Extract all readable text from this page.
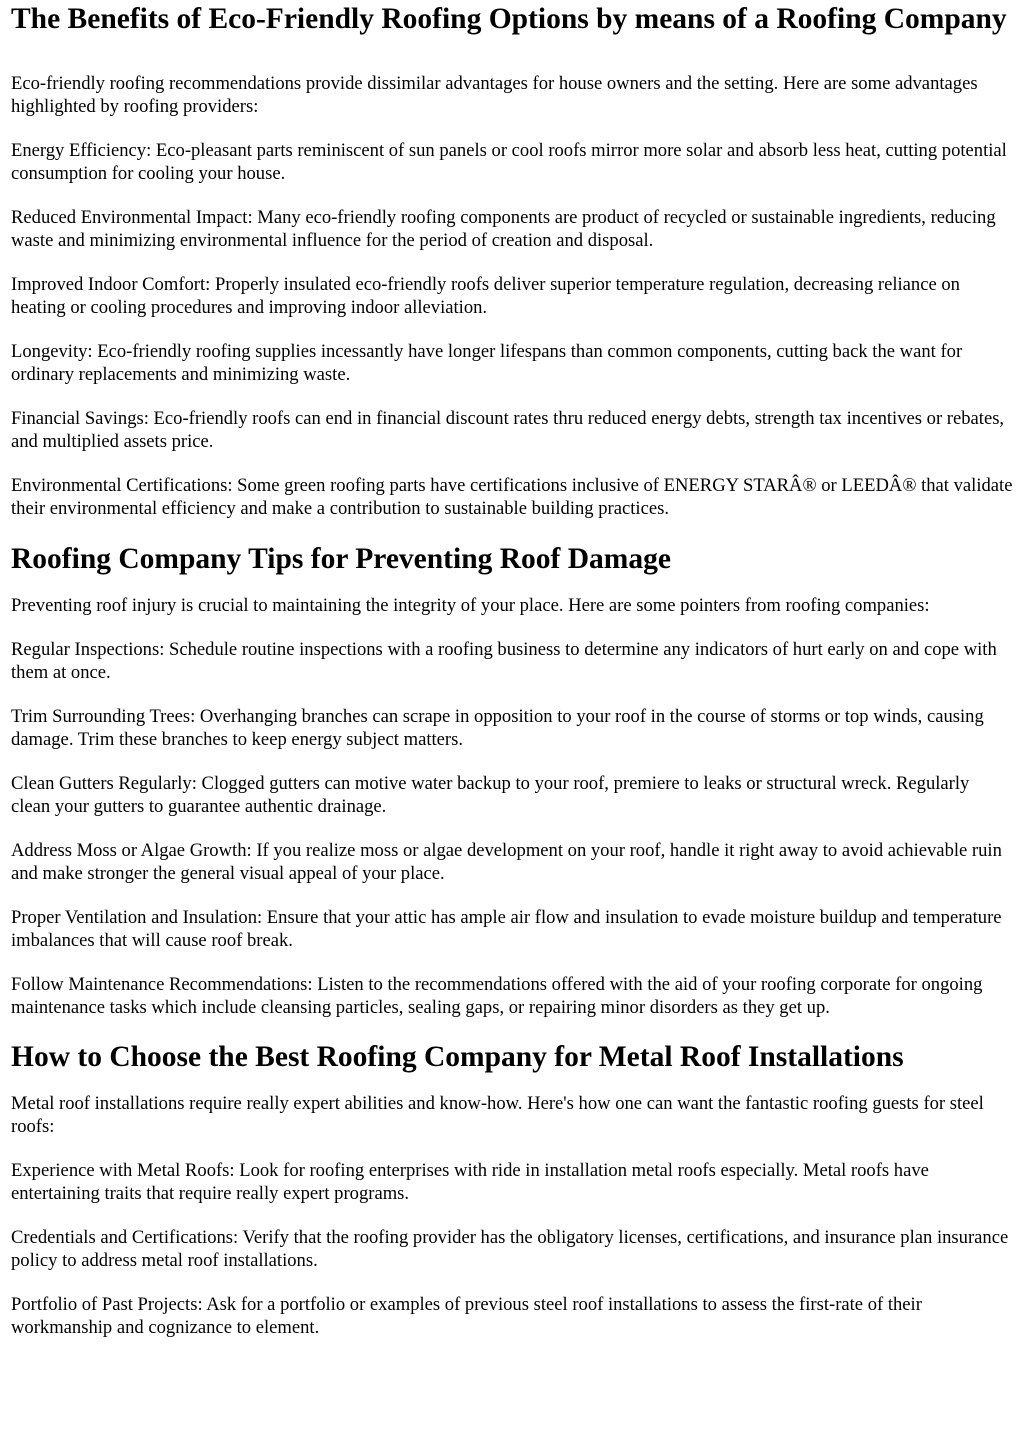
The Benefits of Eco-Friendly Roofing Options by means of a Roofing Company

Eco-friendly roofing recommendations provide dissimilar advantages for house owners and the setting. Here are some advantages highlighted by roofing providers:

Energy Efficiency: Eco-pleasant parts reminiscent of sun panels or cool roofs mirror more solar and absorb less heat, cutting potential consumption for cooling your house.

Reduced Environmental Impact: Many eco-friendly roofing components are product of recycled or sustainable ingredients, reducing waste and minimizing environmental influence for the period of creation and disposal.

Improved Indoor Comfort: Properly insulated eco-friendly roofs deliver superior temperature regulation, decreasing reliance on heating or cooling procedures and improving indoor alleviation.

Longevity: Eco-friendly roofing supplies incessantly have longer lifespans than common components, cutting back the want for ordinary replacements and minimizing waste.

Financial Savings: Eco-friendly roofs can end in financial discount rates thru reduced energy debts, strength tax incentives or rebates, and multiplied assets price.

Environmental Certifications: Some green roofing parts have certifications inclusive of ENERGY STARÂ® or LEEDÂ® that validate their environmental efficiency and make a contribution to sustainable building practices.

Roofing Company Tips for Preventing Roof Damage

Preventing roof injury is crucial to maintaining the integrity of your place. Here are some pointers from roofing companies:

Regular Inspections: Schedule routine inspections with a roofing business to determine any indicators of hurt early on and cope with them at once.

Trim Surrounding Trees: Overhanging branches can scrape in opposition to your roof in the course of storms or top winds, causing damage. Trim these branches to keep energy subject matters.

Clean Gutters Regularly: Clogged gutters can motive water backup to your roof, premiere to leaks or structural wreck. Regularly clean your gutters to guarantee authentic drainage.

Address Moss or Algae Growth: If you realize moss or algae development on your roof, handle it right away to avoid achievable ruin and make stronger the general visual appeal of your place.

Proper Ventilation and Insulation: Ensure that your attic has ample air flow and insulation to evade moisture buildup and temperature imbalances that will cause roof break.

Follow Maintenance Recommendations: Listen to the recommendations offered with the aid of your roofing corporate for ongoing maintenance tasks which include cleansing particles, sealing gaps, or repairing minor disorders as they get up.

How to Choose the Best Roofing Company for Metal Roof Installations

Metal roof installations require really expert abilities and know-how. Here's how one can want the fantastic roofing guests for steel roofs:

Experience with Metal Roofs: Look for roofing enterprises with ride in installation metal roofs especially. Metal roofs have entertaining traits that require really expert programs.

Credentials and Certifications: Verify that the roofing provider has the obligatory licenses, certifications, and insurance plan insurance policy to address metal roof installations.

Portfolio of Past Projects: Ask for a portfolio or examples of previous steel roof installations to assess the first-rate of their workmanship and cognizance to element.
